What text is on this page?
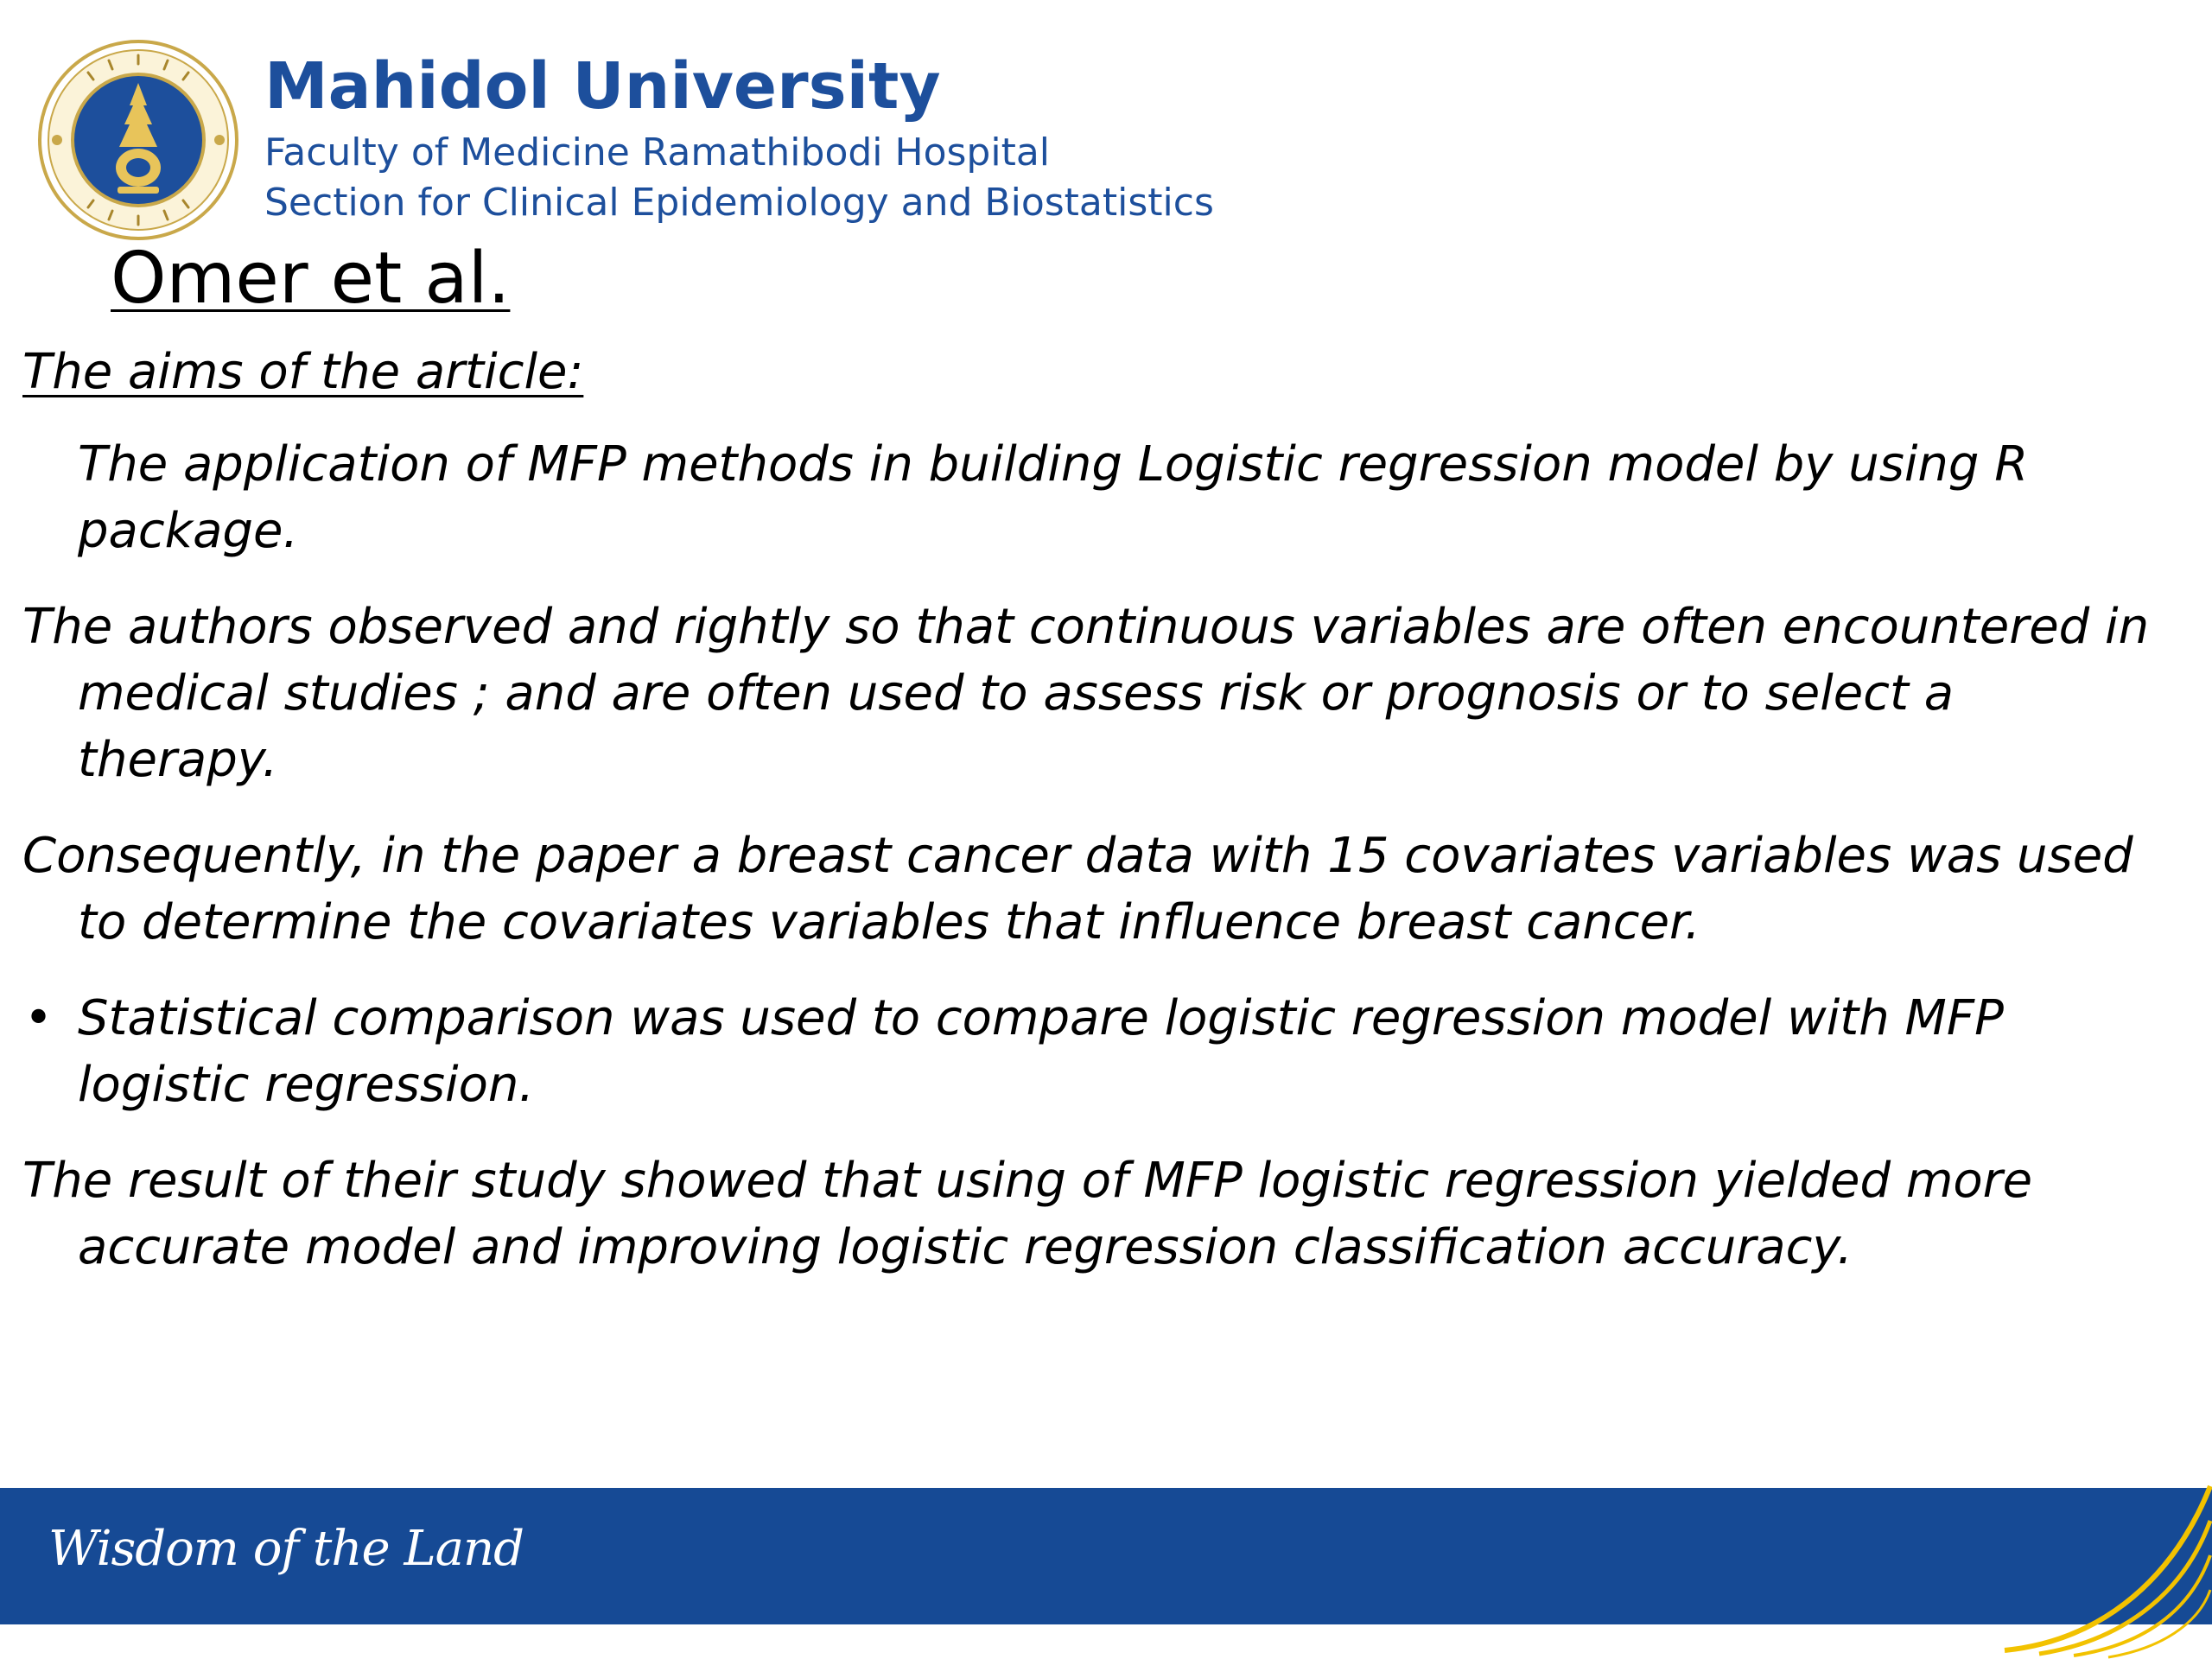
Mahidol University
Faculty of Medicine Ramathibodi Hospital
Section for Clinical Epidemiology and Biostatistics
Omer et al.
The aims of the article:
The application of MFP methods in building Logistic regression model by using R package.
The authors observed and rightly so that continuous variables are often encountered in medical studies ; and are often used to assess risk or prognosis or to select a therapy.
Consequently, in the paper a breast cancer data with 15 covariates variables was used to determine the covariates variables that influence breast cancer.
• Statistical comparison was used to compare logistic regression model with MFP logistic regression.
The result of their study showed that using of MFP logistic regression yielded more accurate model and improving logistic regression classification accuracy.
Wisdom of the Land
